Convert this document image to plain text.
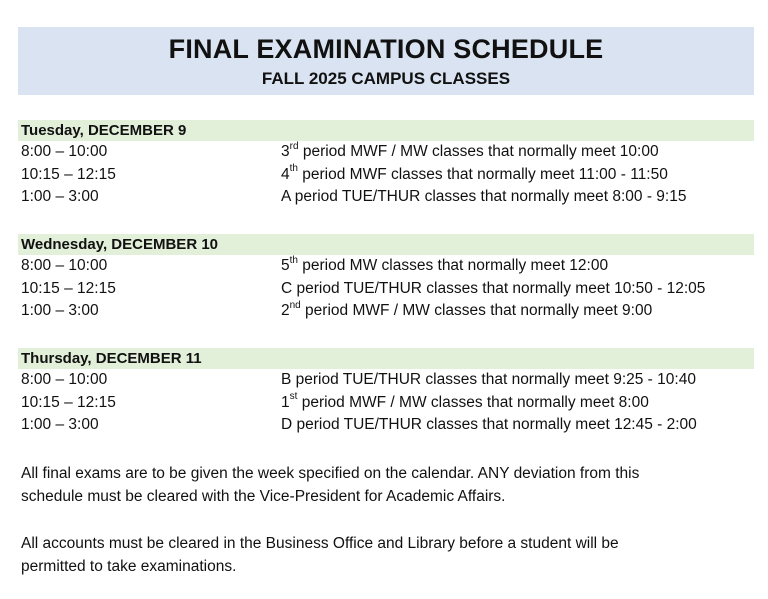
FINAL EXAMINATION SCHEDULE
FALL 2025 CAMPUS CLASSES
Tuesday, DECEMBER 9
8:00 – 10:00	3rd period MWF / MW classes that normally meet 10:00
10:15 – 12:15	4th period MWF classes that normally meet 11:00 - 11:50
1:00 – 3:00	A period TUE/THUR classes that normally meet 8:00 - 9:15
Wednesday, DECEMBER 10
8:00 – 10:00	5th period MW classes that normally meet 12:00
10:15 – 12:15	C period TUE/THUR classes that normally meet 10:50 - 12:05
1:00 – 3:00	2nd period MWF / MW classes that normally meet 9:00
Thursday, DECEMBER 11
8:00 – 10:00	B period TUE/THUR classes that normally meet 9:25 - 10:40
10:15 – 12:15	1st period MWF / MW classes that normally meet 8:00
1:00 – 3:00	D period TUE/THUR classes that normally meet 12:45 - 2:00
All final exams are to be given the week specified on the calendar. ANY deviation from this
schedule must be cleared with the Vice-President for Academic Affairs.
All accounts must be cleared in the Business Office and Library before a student will be
permitted to take examinations.
